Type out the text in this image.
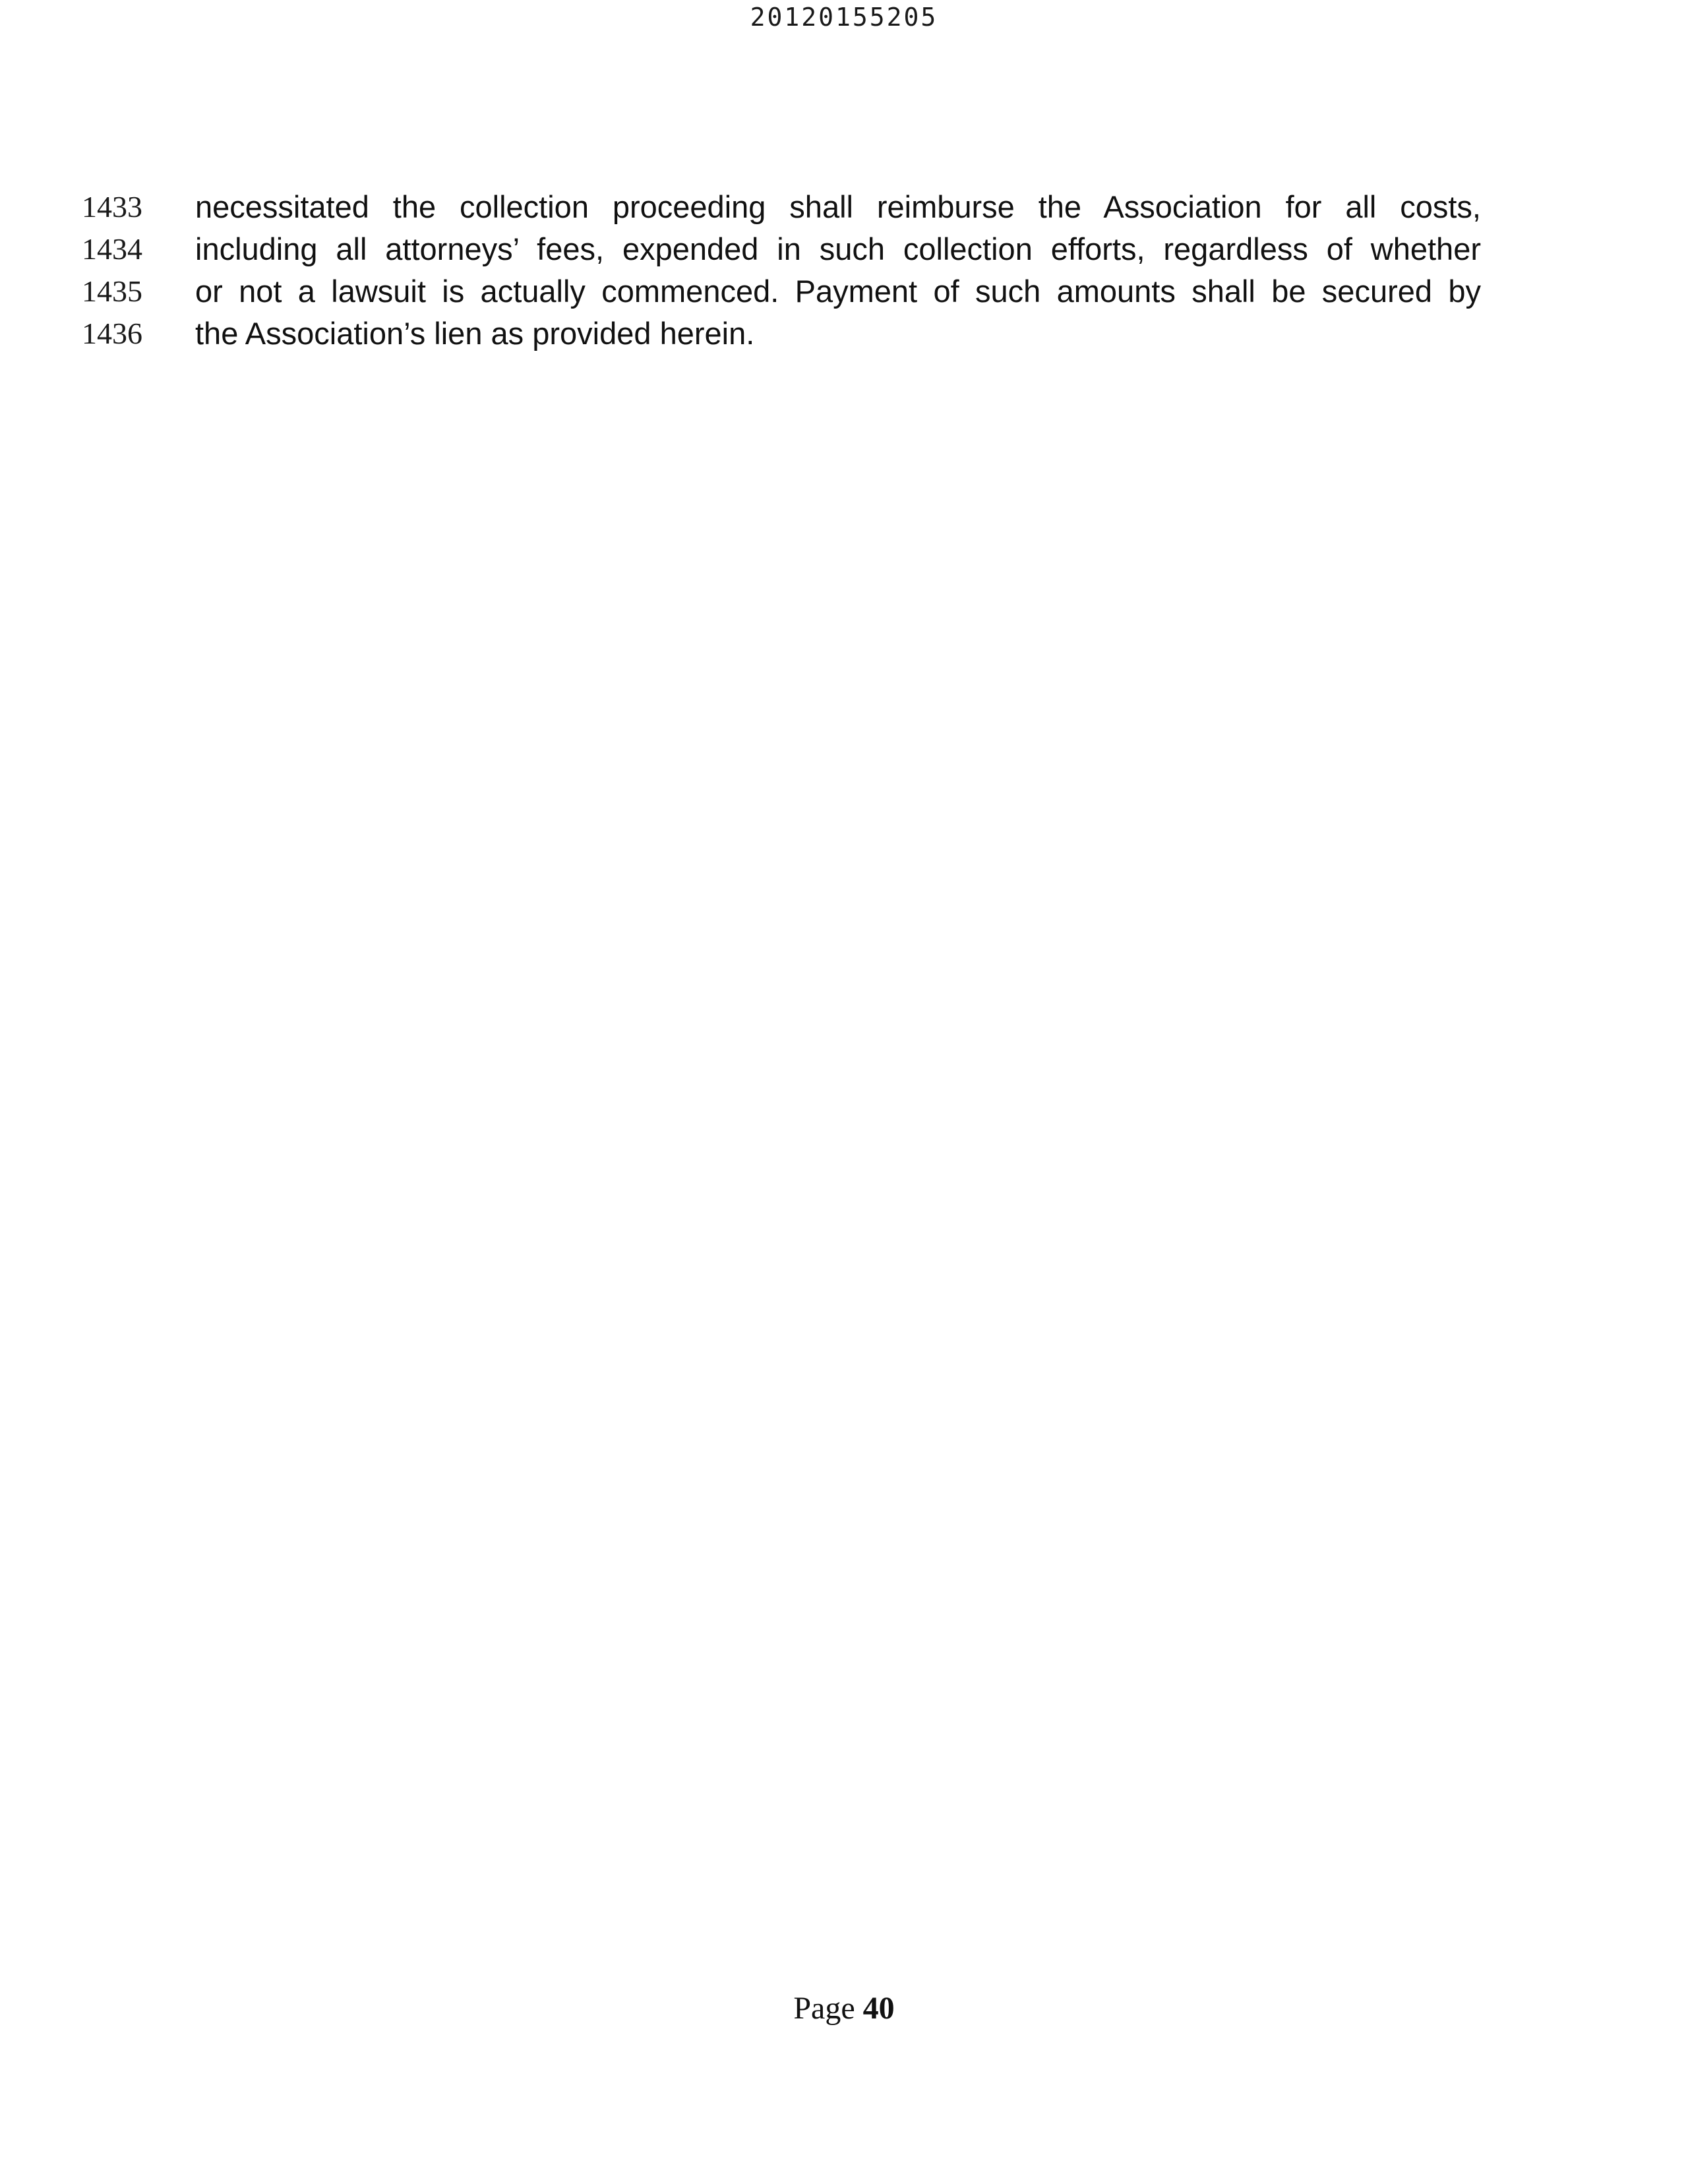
20120155205
1433 necessitated the collection proceeding shall reimburse the Association for all costs,
1434 including all attorneys’ fees, expended in such collection efforts, regardless of whether
1435 or not a lawsuit is actually commenced. Payment of such amounts shall be secured by
1436 the Association’s lien as provided herein.
Page 40
